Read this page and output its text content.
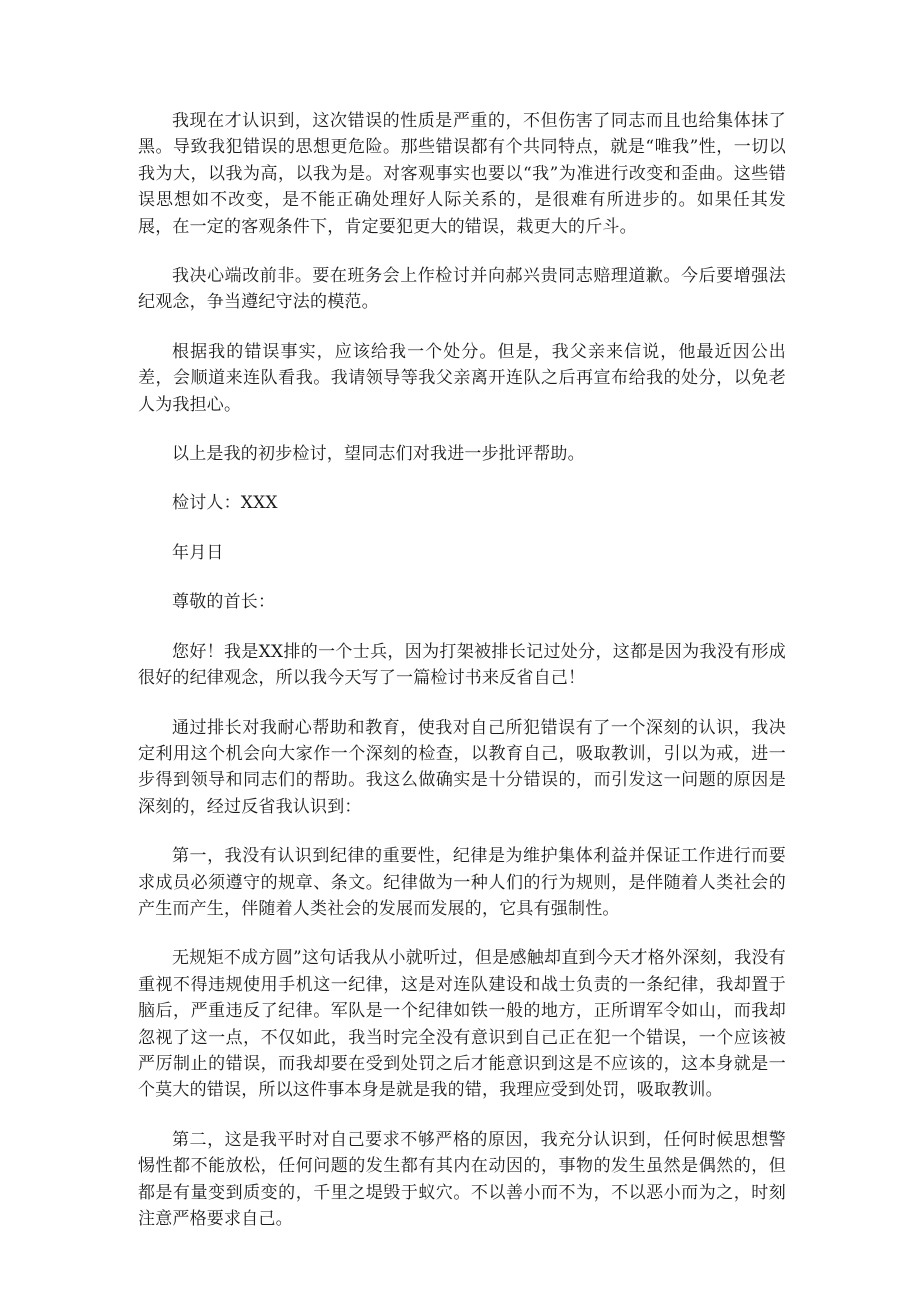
我现在才认识到，这次错误的性质是严重的，不但伤害了同志而且也给集体抹了黑。导致我犯错误的思想更危险。那些错误都有个共同特点，就是“唯我”性，一切以我为大，以我为高，以我为是。对客观事实也要以“我”为准进行改变和歪曲。这些错误思想如不改变，是不能正确处理好人际关系的，是很难有所进步的。如果任其发展，在一定的客观条件下，肯定要犯更大的错误，栽更大的斤斗。

我决心端改前非。要在班务会上作检讨并向郝兴贵同志赔理道歉。今后要增强法纪观念，争当遵纪守法的模范。

根据我的错误事实，应该给我一个处分。但是，我父亲来信说，他最近因公出差，会顺道来连队看我。我请领导等我父亲离开连队之后再宣布给我的处分，以免老人为我担心。

以上是我的初步检讨，望同志们对我进一步批评帮助。

检讨人：XXX

年月日

尊敬的首长：

您好！我是XX排的一个士兵，因为打架被排长记过处分，这都是因为我没有形成很好的纪律观念，所以我今天写了一篇检讨书来反省自己！

通过排长对我耐心帮助和教育，使我对自己所犯错误有了一个深刻的认识，我决定利用这个机会向大家作一个深刻的检查，以教育自己，吸取教训，引以为戒，进一步得到领导和同志们的帮助。我这么做确实是十分错误的，而引发这一问题的原因是深刻的，经过反省我认识到：

第一，我没有认识到纪律的重要性，纪律是为维护集体利益并保证工作进行而要求成员必须遵守的规章、条文。纪律做为一种人们的行为规则，是伴随着人类社会的产生而产生，伴随着人类社会的发展而发展的，它具有强制性。

无规矩不成方圆”这句话我从小就听过，但是感触却直到今天才格外深刻，我没有重视不得违规使用手机这一纪律，这是对连队建设和战士负责的一条纪律，我却置于脑后，严重违反了纪律。军队是一个纪律如铁一般的地方，正所谓军令如山，而我却忽视了这一点，不仅如此，我当时完全没有意识到自己正在犯一个错误，一个应该被严厉制止的错误，而我却要在受到处罚之后才能意识到这是不应该的，这本身就是一个莫大的错误，所以这件事本身是就是我的错，我理应受到处罚，吸取教训。

第二，这是我平时对自己要求不够严格的原因，我充分认识到，任何时候思想警惕性都不能放松，任何问题的发生都有其内在动因的，事物的发生虽然是偶然的，但都是有量变到质变的，千里之堤毁于蚁穴。不以善小而不为，不以恶小而为之，时刻注意严格要求自己。
